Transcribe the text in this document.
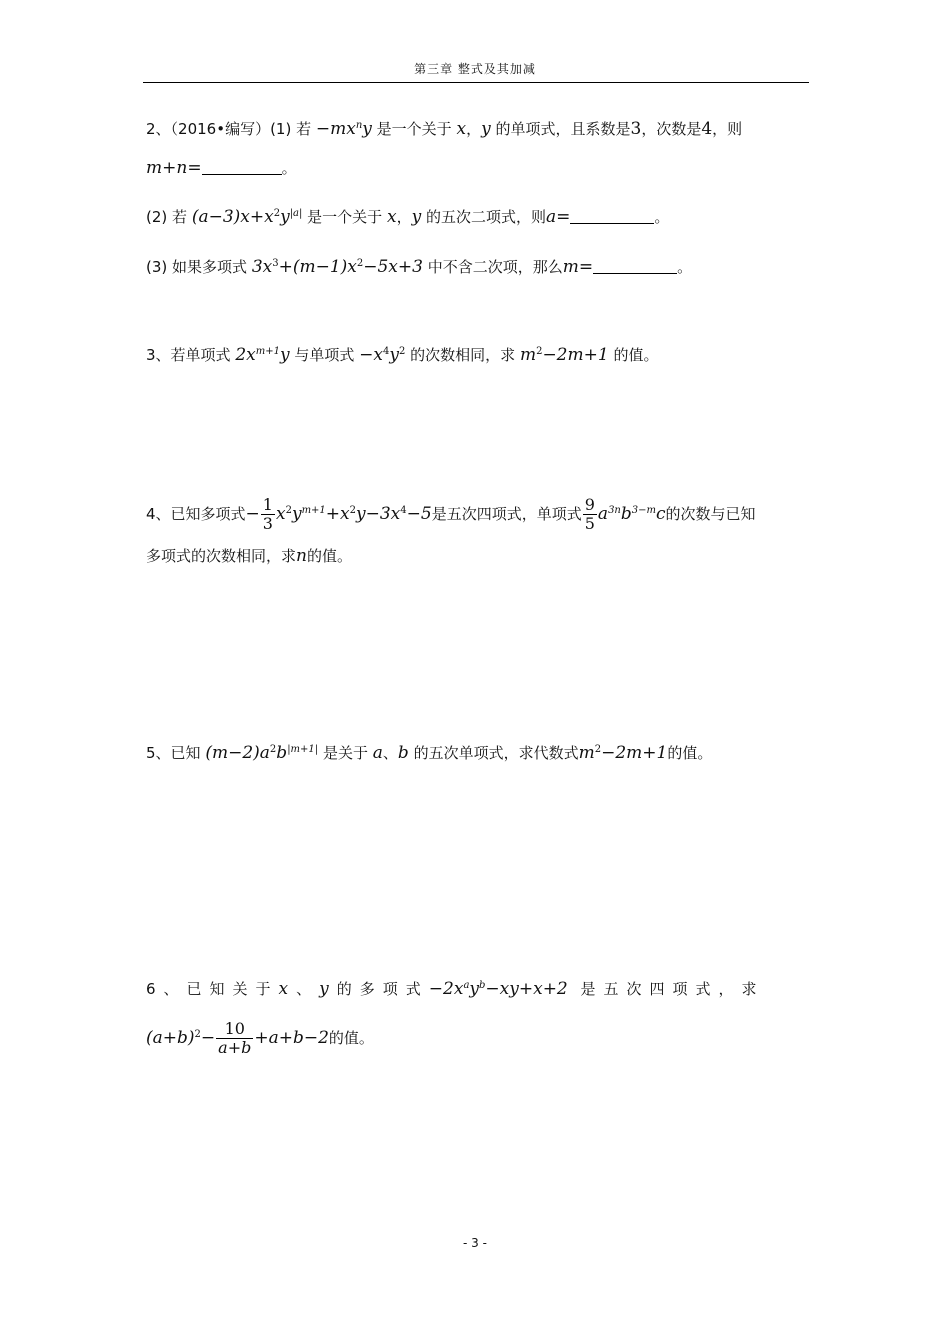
第三章 整式及其加减
2、（2016•编写）(1) 若 $-mx^ny$ 是一个关于 x，y 的单项式，且系数是3，次数是4，则
m+n=	。
(2) 若 $(a-3)x+x^2y^{|a|}$ 是一个关于 x，y 的五次二项式，则a=	。
(3) 如果多项式 $3x^3+(m-1)x^2-5x+3$ 中不含二次项，那么m=	。
3、若单项式 $2x^{m+1}y$ 与单项式 $-x^4y^2$ 的次数相同，求 $m^2-2m+1$ 的值。
4、已知多项式− $\frac{1}{3} x^2y^{m+1}+x^2y-3x^4-5$是五次四项式，单项式 $\frac{9}{5} a^{3n}b^{3-m}c$的次数与已知
多项式的次数相同，求n的值。
5、已知 $(m-2)a^2b^{|m+1|}$ 是关于 a、b 的五次单项式，求代数式$m^2-2m+1$的值。
6、已知关于x、y的多项式$-2x^ay^b-xy+x+2$ 是五次四项式，求
$(a+b)^2- \frac{10}{a+b} +a+b-2$的值。
- 3 -
